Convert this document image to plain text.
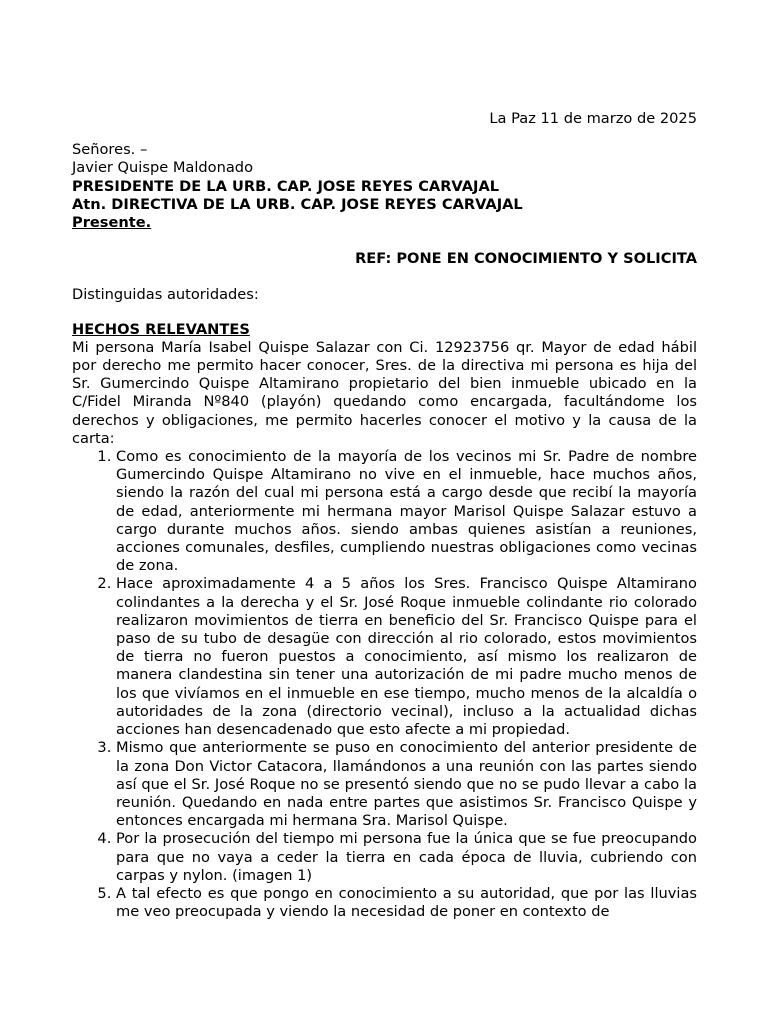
La Paz 11 de marzo de 2025
Señores. –
Javier Quispe Maldonado
PRESIDENTE DE LA URB. CAP. JOSE REYES CARVAJAL
Atn. DIRECTIVA DE LA URB. CAP. JOSE REYES CARVAJAL
Presente.
REF: PONE EN CONOCIMIENTO Y SOLICITA
Distinguidas autoridades:
HECHOS RELEVANTES
Mi persona María Isabel Quispe Salazar con Ci. 12923756 qr. Mayor de edad hábil por derecho me permito hacer conocer, Sres. de la directiva mi persona es hija del Sr. Gumercindo Quispe Altamirano propietario del bien inmueble ubicado en la C/Fidel Miranda Nº840 (playón) quedando como encargada, facultándome los derechos y obligaciones, me permito hacerles conocer el motivo y la causa de la carta:
1. Como es conocimiento de la mayoría de los vecinos mi Sr. Padre de nombre Gumercindo Quispe Altamirano no vive en el inmueble, hace muchos años, siendo la razón del cual mi persona está a cargo desde que recibí la mayoría de edad, anteriormente mi hermana mayor Marisol Quispe Salazar estuvo a cargo durante muchos años. siendo ambas quienes asistían a reuniones, acciones comunales, desfiles, cumpliendo nuestras obligaciones como vecinas de zona.
2. Hace aproximadamente 4 a 5 años los Sres. Francisco Quispe Altamirano colindantes a la derecha y el Sr. José Roque inmueble colindante rio colorado realizaron movimientos de tierra en beneficio del Sr. Francisco Quispe para el paso de su tubo de desagüe con dirección al rio colorado, estos movimientos de tierra no fueron puestos a conocimiento, así mismo los realizaron de manera clandestina sin tener una autorización de mi padre mucho menos de los que vivíamos en el inmueble en ese tiempo, mucho menos de la alcaldía o autoridades de la zona (directorio vecinal), incluso a la actualidad dichas acciones han desencadenado que esto afecte a mi propiedad.
3. Mismo que anteriormente se puso en conocimiento del anterior presidente de la zona Don Victor Catacora, llamándonos a una reunión con las partes siendo así que el Sr. José Roque no se presentó siendo que no se pudo llevar a cabo la reunión. Quedando en nada entre partes que asistimos Sr. Francisco Quispe y entonces encargada mi hermana Sra. Marisol Quispe.
4. Por la prosecución del tiempo mi persona fue la única que se fue preocupando para que no vaya a ceder la tierra en cada época de lluvia, cubriendo con carpas y nylon. (imagen 1)
5. A tal efecto es que pongo en conocimiento a su autoridad, que por las lluvias me veo preocupada y viendo la necesidad de poner en contexto de
